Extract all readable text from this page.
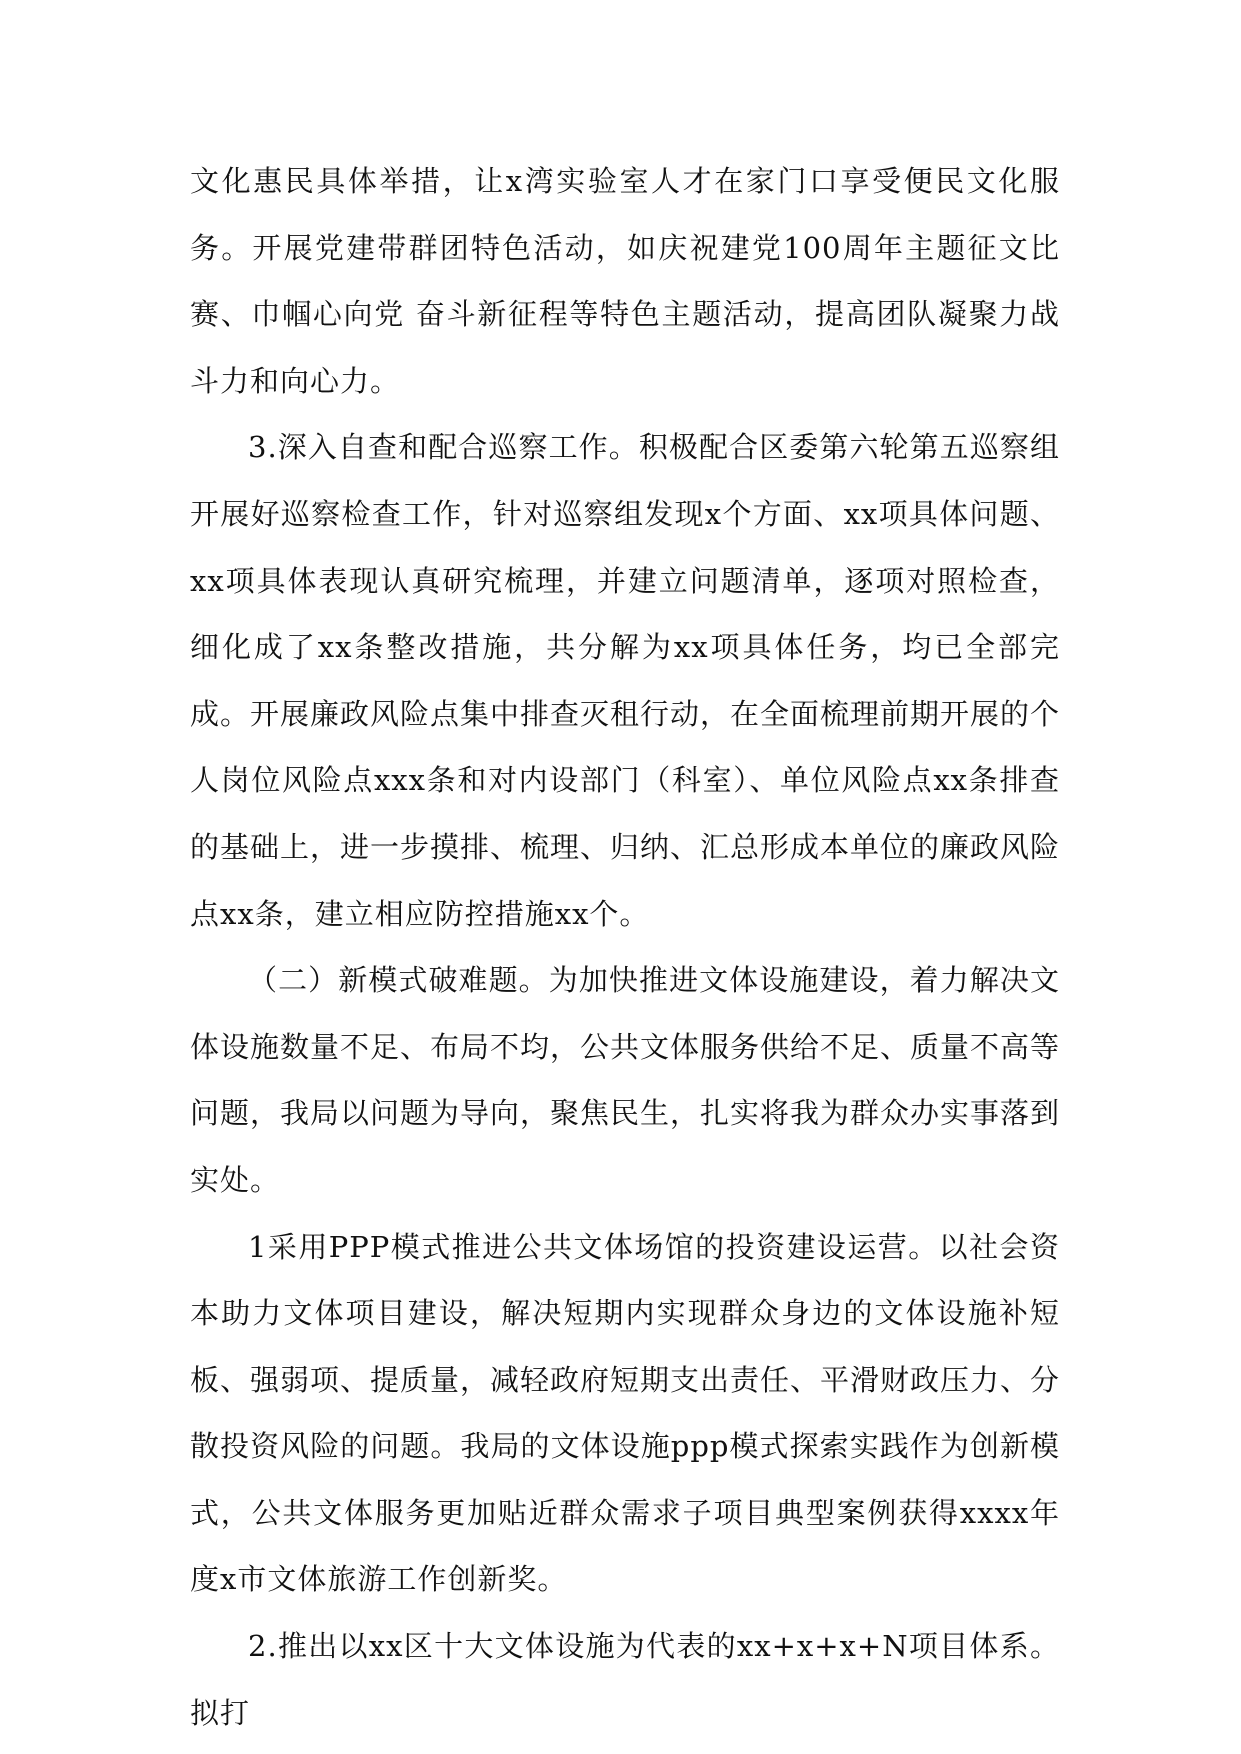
文化惠民具体举措，让x湾实验室人才在家门口享受便民文化服务。开展党建带群团特色活动，如庆祝建党100周年主题征文比赛、巾帼心向党 奋斗新征程等特色主题活动，提高团队凝聚力战斗力和向心力。

3.深入自查和配合巡察工作。积极配合区委第六轮第五巡察组开展好巡察检查工作，针对巡察组发现x个方面、xx项具体问题、xx项具体表现认真研究梳理，并建立问题清单，逐项对照检查，细化成了xx条整改措施，共分解为xx项具体任务，均已全部完成。开展廉政风险点集中排查灭租行动，在全面梳理前期开展的个人岗位风险点xxx条和对内设部门（科室）、单位风险点xx条排查的基础上，进一步摸排、梳理、归纳、汇总形成本单位的廉政风险点xx条，建立相应防控措施xx个。

（二）新模式破难题。为加快推进文体设施建设，着力解决文体设施数量不足、布局不均，公共文体服务供给不足、质量不高等问题，我局以问题为导向，聚焦民生，扎实将我为群众办实事落到实处。

1采用PPP模式推进公共文体场馆的投资建设运营。以社会资本助力文体项目建设，解决短期内实现群众身边的文体设施补短板、强弱项、提质量，减轻政府短期支出责任、平滑财政压力、分散投资风险的问题。我局的文体设施ppp模式探索实践作为创新模式，公共文体服务更加贴近群众需求子项目典型案例获得xxxx年度x市文体旅游工作创新奖。

2.推出以xx区十大文体设施为代表的xx+x+x+N项目体系。拟打
